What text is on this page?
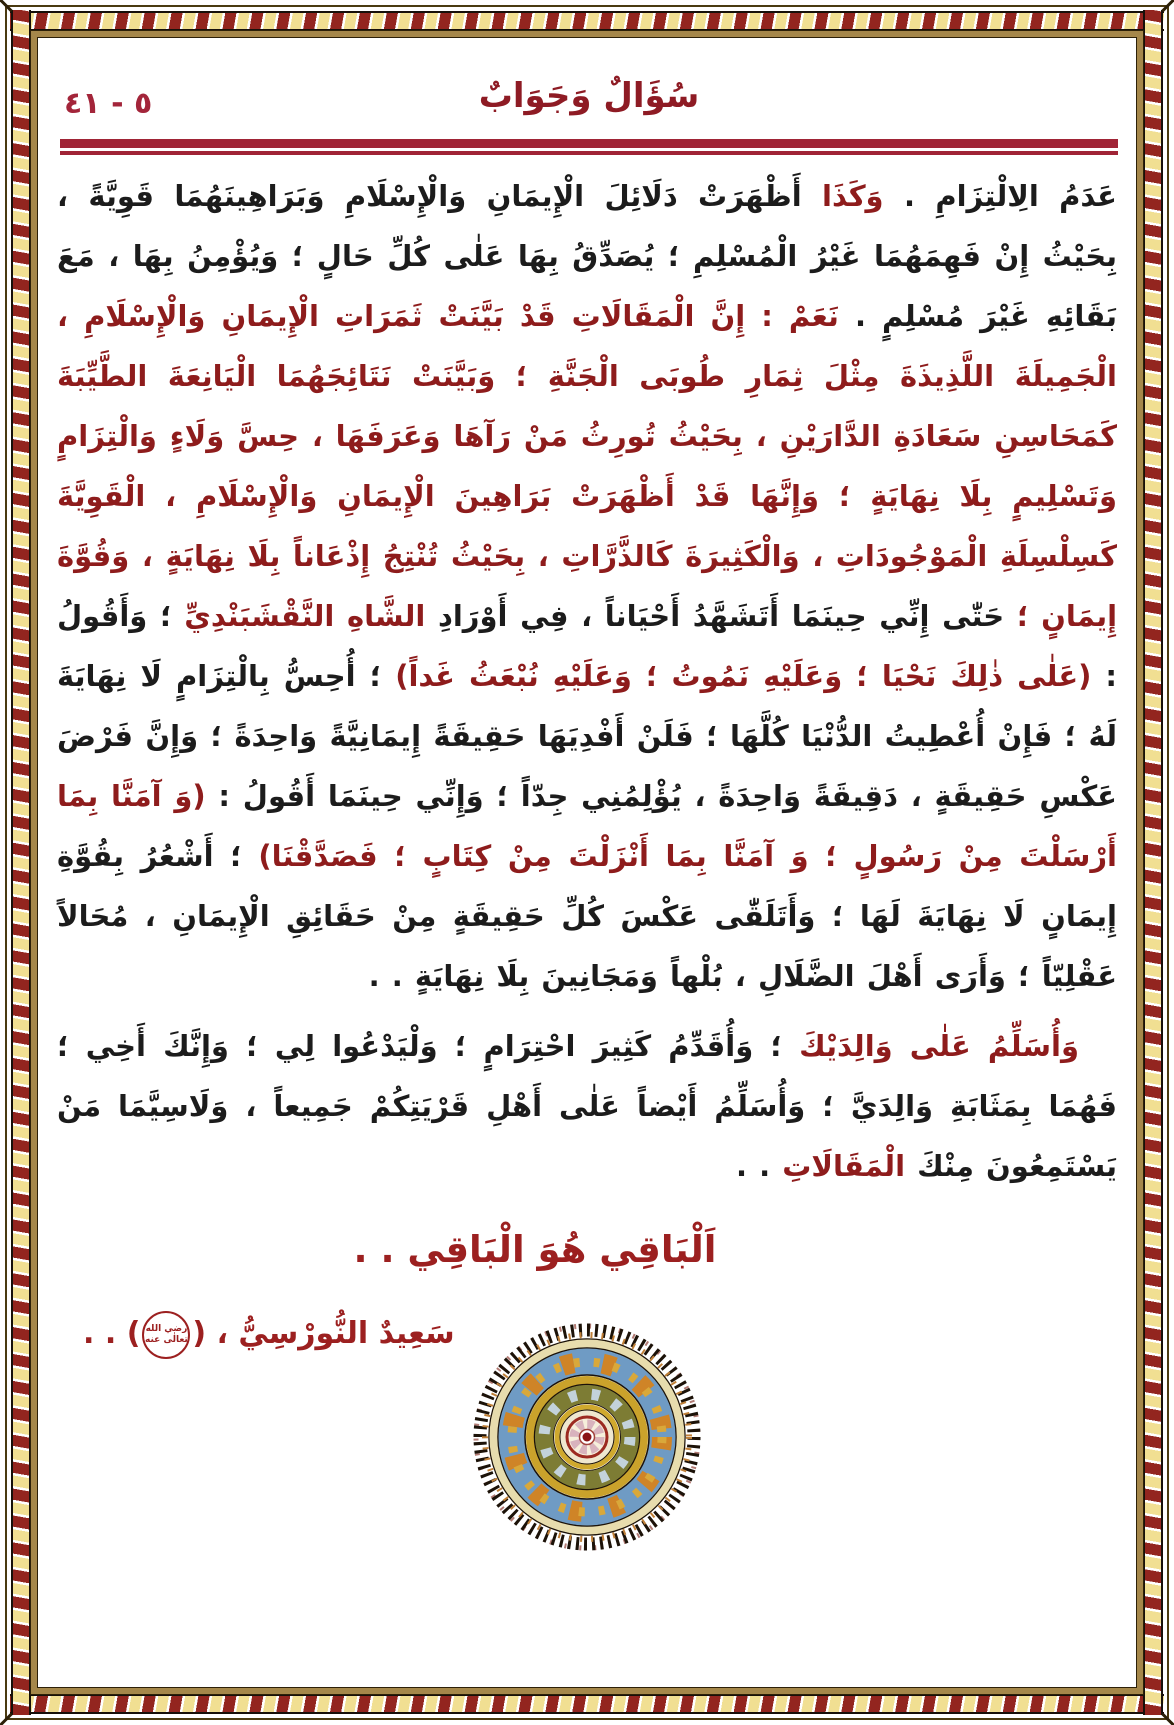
٥ - ٤١	سُؤَالٌ وَجَوَابٌ

عَدَمُ الِالْتِزَامِ . وَكَذَا أَظْهَرَتْ دَلَائِلَ الْإِيمَانِ وَالْإِسْلَامِ وَبَرَاهِينَهُمَا قَوِيَّةً ، بِحَيْثُ إِنْ فَهِمَهُمَا غَيْرُ الْمُسْلِمِ ؛ يُصَدِّقُ بِهَا عَلٰى كُلِّ حَالٍ ؛ وَيُؤْمِنُ بِهَا ، مَعَ بَقَائِهِ غَيْرَ مُسْلِمٍ . نَعَمْ : إِنَّ الْمَقَالَاتِ قَدْ بَيَّنَتْ ثَمَرَاتِ الْإِيمَانِ وَالْإِسْلَامِ ، الْجَمِيلَةَ اللَّذِيذَةَ مِثْلَ ثِمَارِ طُوبَى الْجَنَّةِ ؛ وَبَيَّنَتْ نَتَائِجَهُمَا الْيَانِعَةَ الطَّيِّبَةَ كَمَحَاسِنِ سَعَادَةِ الدَّارَيْنِ ، بِحَيْثُ تُورِثُ مَنْ رَآهَا وَعَرَفَهَا ، حِسَّ وَلَاءٍ وَالْتِزَامٍ وَتَسْلِيمٍ بِلَا نِهَايَةٍ ؛ وَإِنَّهَا قَدْ أَظْهَرَتْ بَرَاهِينَ الْإِيمَانِ وَالْإِسْلَامِ ، الْقَوِيَّةَ كَسِلْسِلَةِ الْمَوْجُودَاتِ ، وَالْكَثِيرَةَ كَالذَّرَّاتِ ، بِحَيْثُ تُنْتِجُ إِذْعَاناً بِلَا نِهَايَةٍ ، وَقُوَّةَ إِيمَانٍ ؛ حَتّٰى إِنِّي حِينَمَا أَتَشَهَّدُ أَحْيَاناً ، فِي أَوْرَادِ الشَّاهِ النَّقْشَبَنْدِيِّ ؛ وَأَقُولُ : (عَلٰى ذٰلِكَ نَحْيَا ؛ وَعَلَيْهِ نَمُوتُ ؛ وَعَلَيْهِ نُبْعَثُ غَداً) ؛ أُحِسُّ بِالْتِزَامٍ لَا نِهَايَةَ لَهُ ؛ فَإِنْ أُعْطِيتُ الدُّنْيَا كُلَّهَا ؛ فَلَنْ أَفْدِيَهَا حَقِيقَةً إِيمَانِيَّةً وَاحِدَةً ؛ وَإِنَّ فَرْضَ عَكْسِ حَقِيقَةٍ ، دَقِيقَةً وَاحِدَةً ، يُؤْلِمُنِي جِدّاً ؛ وَإِنِّي حِينَمَا أَقُولُ : (وَ آمَنَّا بِمَا أَرْسَلْتَ مِنْ رَسُولٍ ؛ وَ آمَنَّا بِمَا أَنْزَلْتَ مِنْ كِتَابٍ ؛ فَصَدَّقْنَا) ؛ أَشْعُرُ بِقُوَّةِ إِيمَانٍ لَا نِهَايَةَ لَهَا ؛ وَأَتَلَقّٰى عَكْسَ كُلِّ حَقِيقَةٍ مِنْ حَقَائِقِ الْإِيمَانِ ، مُحَالاً عَقْلِيّاً ؛ وَأَرَى أَهْلَ الضَّلَالِ ، بُلْهاً وَمَجَانِينَ بِلَا نِهَايَةٍ . .

وَأُسَلِّمُ عَلٰى وَالِدَيْكَ ؛ وَأُقَدِّمُ كَثِيرَ احْتِرَامٍ ؛ وَلْيَدْعُوا لِي ؛ وَإِنَّكَ أَخِي ؛ فَهُمَا بِمَثَابَةِ وَالِدَيَّ ؛ وَأُسَلِّمُ أَيْضاً عَلٰى أَهْلِ قَرْيَتِكُمْ جَمِيعاً ، وَلَاسِيَّمَا مَنْ يَسْتَمِعُونَ مِنْكَ الْمَقَالَاتِ . .

اَلْبَاقِي هُوَ الْبَاقِي . .
سَعِيدٌ النُّورْسِيُّ ، (
رضي الله
تعالٰى عنه
) . .
